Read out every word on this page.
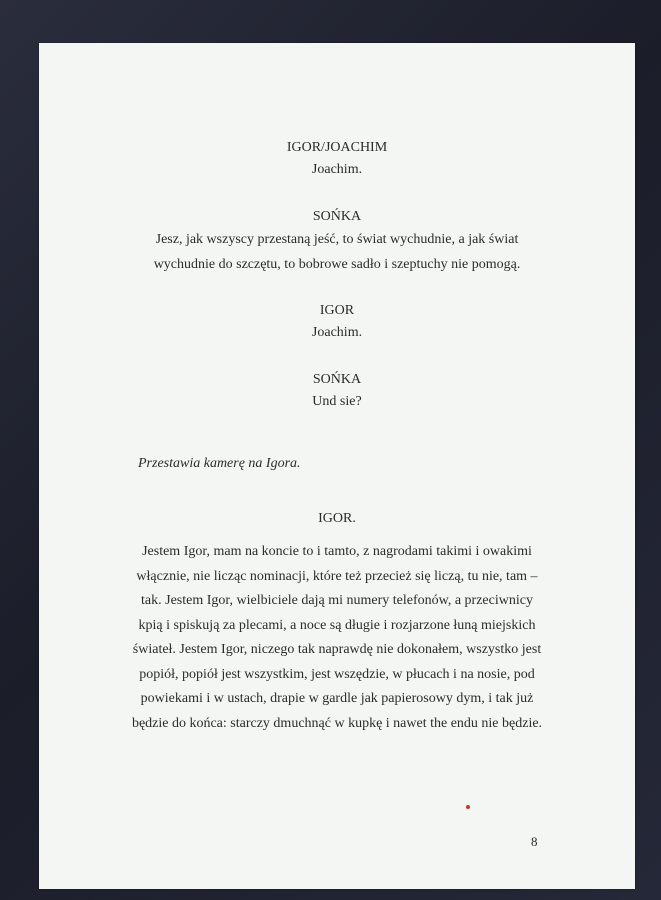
IGOR/JOACHIM
Joachim.
SOŃKA
Jesz, jak wszyscy przestaną jeść, to świat wychudnie, a jak świat
wychudnie do szczętu, to bobrowe sadło i szeptuchy nie pomogą.
IGOR
Joachim.
SOŃKA
Und sie?
Przestawia kamerę na Igora.
IGOR.
Jestem Igor, mam na koncie to i tamto, z nagrodami takimi i owakimi
włącznie, nie licząc nominacji, które też przecież się liczą, tu nie, tam –
tak. Jestem Igor, wielbiciele dają mi numery telefonów, a przeciwnicy
kpią i spiskują za plecami, a noce są długie i rozjarzone łuną miejskich
świateł. Jestem Igor, niczego tak naprawdę nie dokonałem, wszystko jest
popiół, popiół jest wszystkim, jest wszędzie, w płucach i na nosie, pod
powiekami i w ustach, drapie w gardle jak papierosowy dym, i tak już
będzie do końca: starczy dmuchnąć w kupkę i nawet the endu nie będzie.
8
